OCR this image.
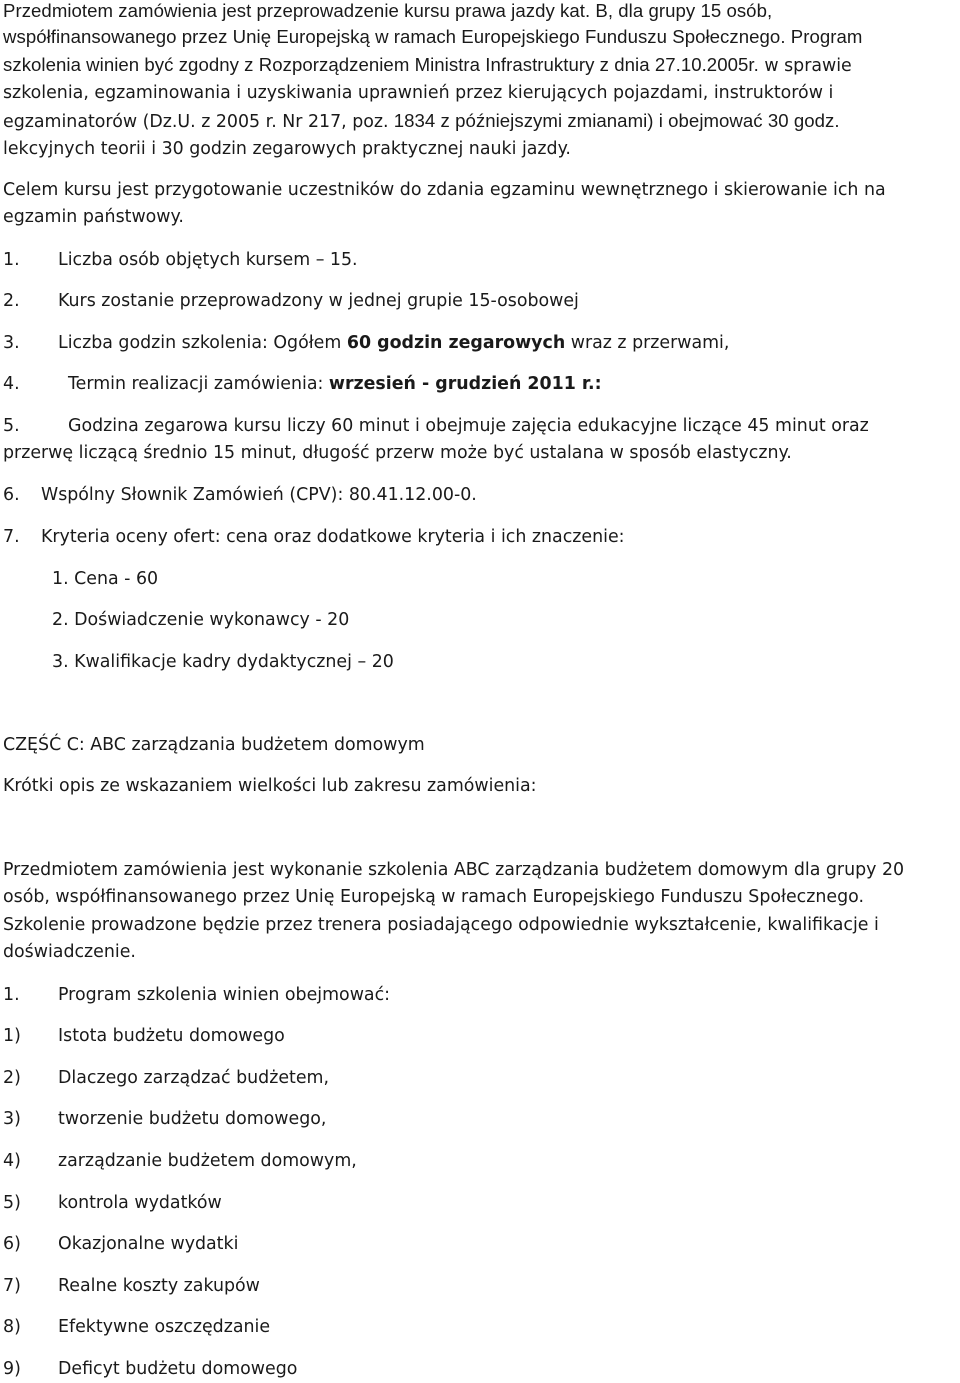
Przedmiotem zamówienia jest przeprowadzenie kursu prawa jazdy kat. B, dla grupy 15 osób,
współfinansowanego przez Unię Europejską w ramach Europejskiego Funduszu Społecznego. Program
szkolenia winien być zgodny z Rozporządzeniem Ministra Infrastruktury z dnia 27.10.2005r. w sprawie
szkolenia, egzaminowania i uzyskiwania uprawnień przez kierujących pojazdami, instruktorów i
egzaminatorów (Dz.U. z 2005 r. Nr 217, poz. 1834 z późniejszymi zmianami) i obejmować 30 godz.
lekcyjnych teorii i 30 godzin zegarowych praktycznej nauki jazdy.
Celem kursu jest przygotowanie uczestników do zdania egzaminu wewnętrznego i skierowanie ich na
egzamin państwowy.
1. Liczba osób objętych kursem – 15.
2. Kurs zostanie przeprowadzony w jednej grupie 15-osobowej
3. Liczba godzin szkolenia: Ogółem 60 godzin zegarowych wraz z przerwami,
4.	Termin realizacji zamówienia: wrzesień - grudzień 2011 r.:
5.	Godzina zegarowa kursu liczy 60 minut i obejmuje zajęcia edukacyjne liczące 45 minut oraz
przerwę liczącą średnio 15 minut, długość przerw może być ustalana w sposób elastyczny.
6. Wspólny Słownik Zamówień (CPV): 80.41.12.00-0.
7. Kryteria oceny ofert: cena oraz dodatkowe kryteria i ich znaczenie:
1. Cena - 60
2. Doświadczenie wykonawcy - 20
3. Kwalifikacje kadry dydaktycznej – 20
CZĘŚĆ C: ABC zarządzania budżetem domowym
Krótki opis ze wskazaniem wielkości lub zakresu zamówienia:
Przedmiotem zamówienia jest wykonanie szkolenia ABC zarządzania budżetem domowym dla grupy 20
osób, współfinansowanego przez Unię Europejską w ramach Europejskiego Funduszu Społecznego.
Szkolenie prowadzone będzie przez trenera posiadającego odpowiednie wykształcenie, kwalifikacje i
doświadczenie.
1. Program szkolenia winien obejmować:
1) Istota budżetu domowego
2) Dlaczego zarządzać budżetem,
3) tworzenie budżetu domowego,
4) zarządzanie budżetem domowym,
5) kontrola wydatków
6) Okazjonalne wydatki
7) Realne koszty zakupów
8) Efektywne oszczędzanie
9) Deficyt budżetu domowego
